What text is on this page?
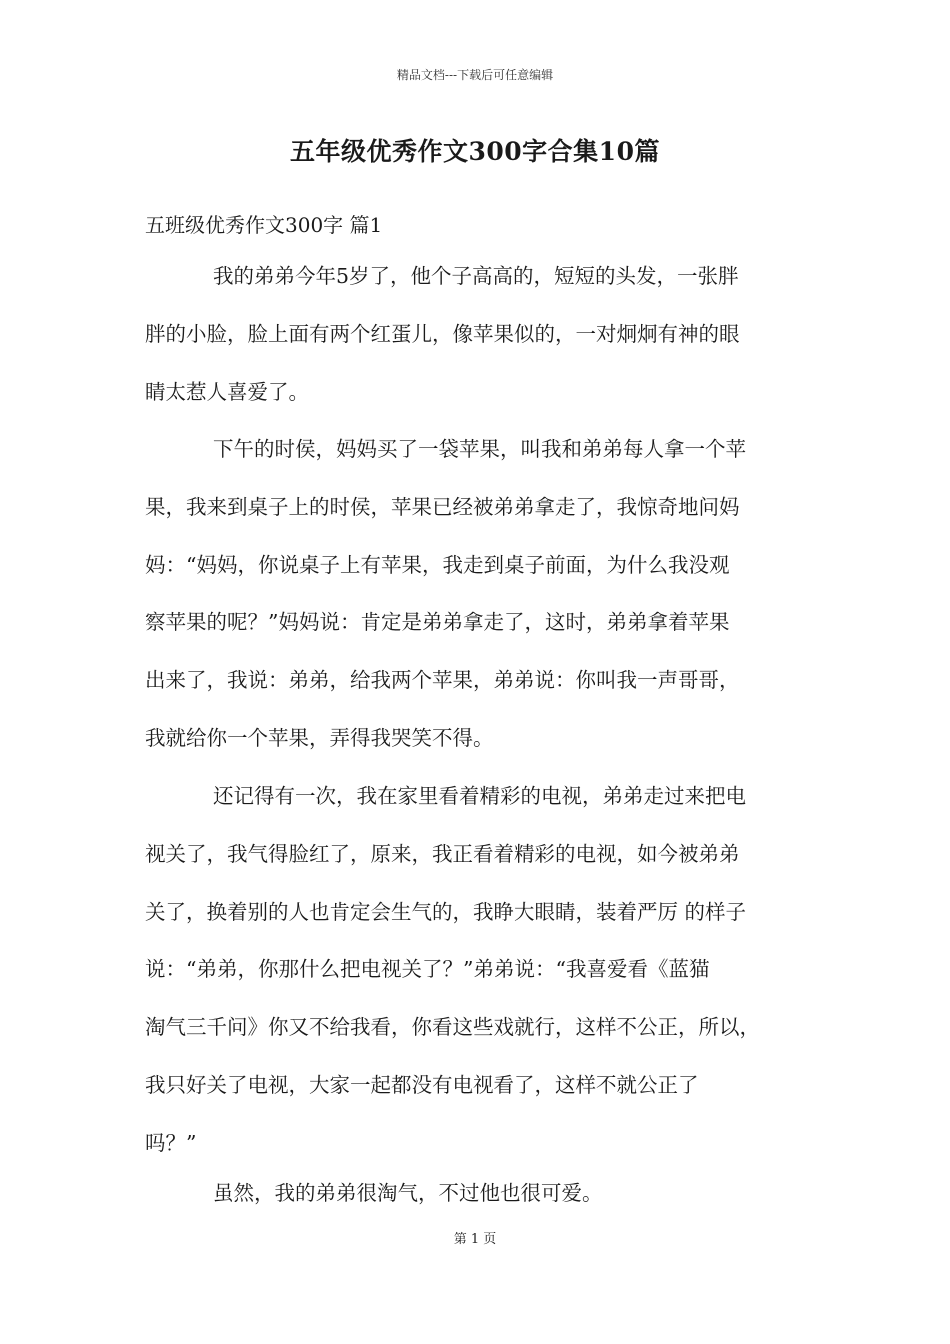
精品文档---下载后可任意编辑
五年级优秀作文300字合集10篇
五班级优秀作文300字 篇1
我的弟弟今年5岁了，他个子高高的，短短的头发，一张胖
胖的小脸，脸上面有两个红蛋儿，像苹果似的，一对炯炯有神的眼
睛太惹人喜爱了。
下午的时侯，妈妈买了一袋苹果，叫我和弟弟每人拿一个苹
果，我来到桌子上的时侯，苹果已经被弟弟拿走了，我惊奇地问妈
妈：“妈妈，你说桌子上有苹果，我走到桌子前面，为什么我没观
察苹果的呢？”妈妈说：肯定是弟弟拿走了，这时，弟弟拿着苹果
出来了，我说：弟弟，给我两个苹果，弟弟说：你叫我一声哥哥，
我就给你一个苹果，弄得我哭笑不得。
还记得有一次，我在家里看着精彩的电视，弟弟走过来把电
视关了，我气得脸红了，原来，我正看着精彩的电视，如今被弟弟
关了，换着别的人也肯定会生气的，我睁大眼睛，装着严厉 的样子
说：“弟弟，你那什么把电视关了？”弟弟说：“我喜爱看《蓝猫
淘气三千问》你又不给我看，你看这些戏就行，这样不公正，所以，
我只好关了电视，大家一起都没有电视看了，这样不就公正了
吗？”
虽然，我的弟弟很淘气，不过他也很可爱。
第 1 页
